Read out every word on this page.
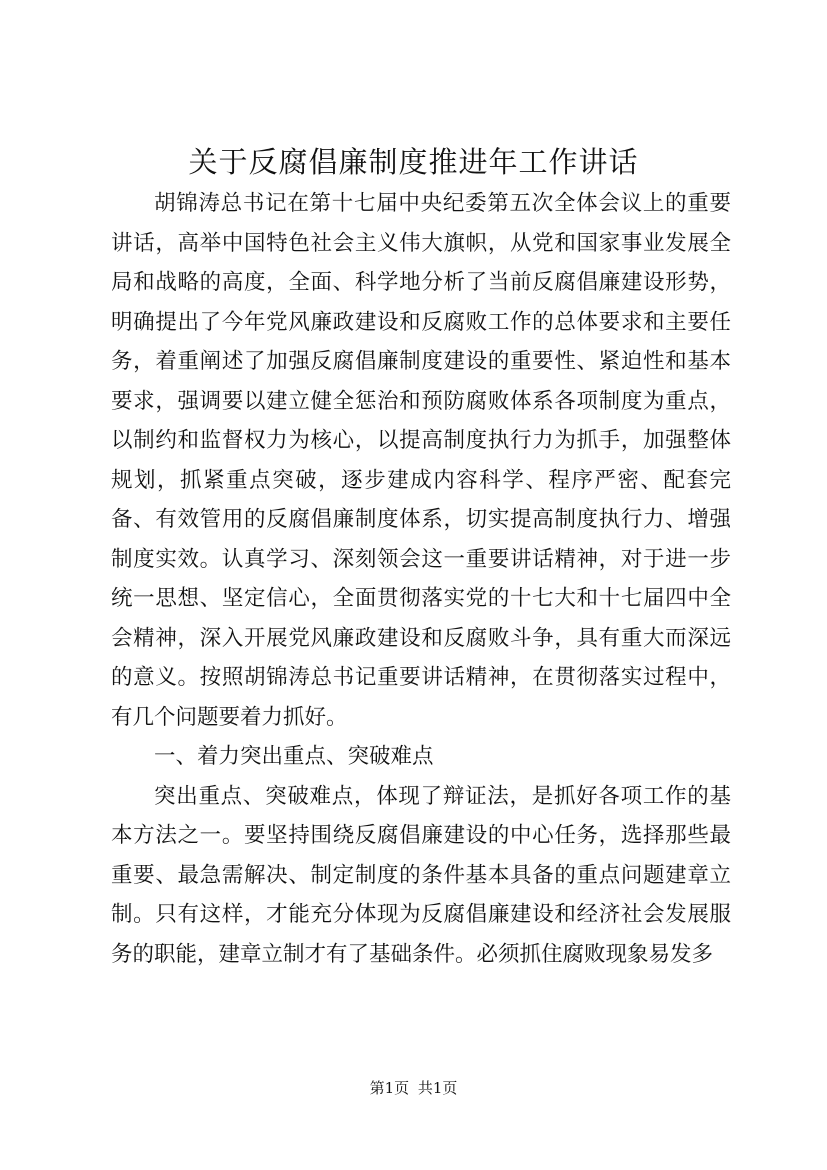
关于反腐倡廉制度推进年工作讲话

胡锦涛总书记在第十七届中央纪委第五次全体会议上的重要讲话，高举中国特色社会主义伟大旗帜，从党和国家事业发展全局和战略的高度，全面、科学地分析了当前反腐倡廉建设形势，明确提出了今年党风廉政建设和反腐败工作的总体要求和主要任务，着重阐述了加强反腐倡廉制度建设的重要性、紧迫性和基本要求，强调要以建立健全惩治和预防腐败体系各项制度为重点，以制约和监督权力为核心，以提高制度执行力为抓手，加强整体规划，抓紧重点突破，逐步建成内容科学、程序严密、配套完备、有效管用的反腐倡廉制度体系，切实提高制度执行力、增强制度实效。认真学习、深刻领会这一重要讲话精神，对于进一步统一思想、坚定信心，全面贯彻落实党的十七大和十七届四中全会精神，深入开展党风廉政建设和反腐败斗争，具有重大而深远的意义。按照胡锦涛总书记重要讲话精神，在贯彻落实过程中，有几个问题要着力抓好。

一、着力突出重点、突破难点

突出重点、突破难点，体现了辩证法，是抓好各项工作的基本方法之一。要坚持围绕反腐倡廉建设的中心任务，选择那些最重要、最急需解决、制定制度的条件基本具备的重点问题建章立制。只有这样，才能充分体现为反腐倡廉建设和经济社会发展服务的职能，建章立制才有了基础条件。必须抓住腐败现象易发多

第1页 共1页
